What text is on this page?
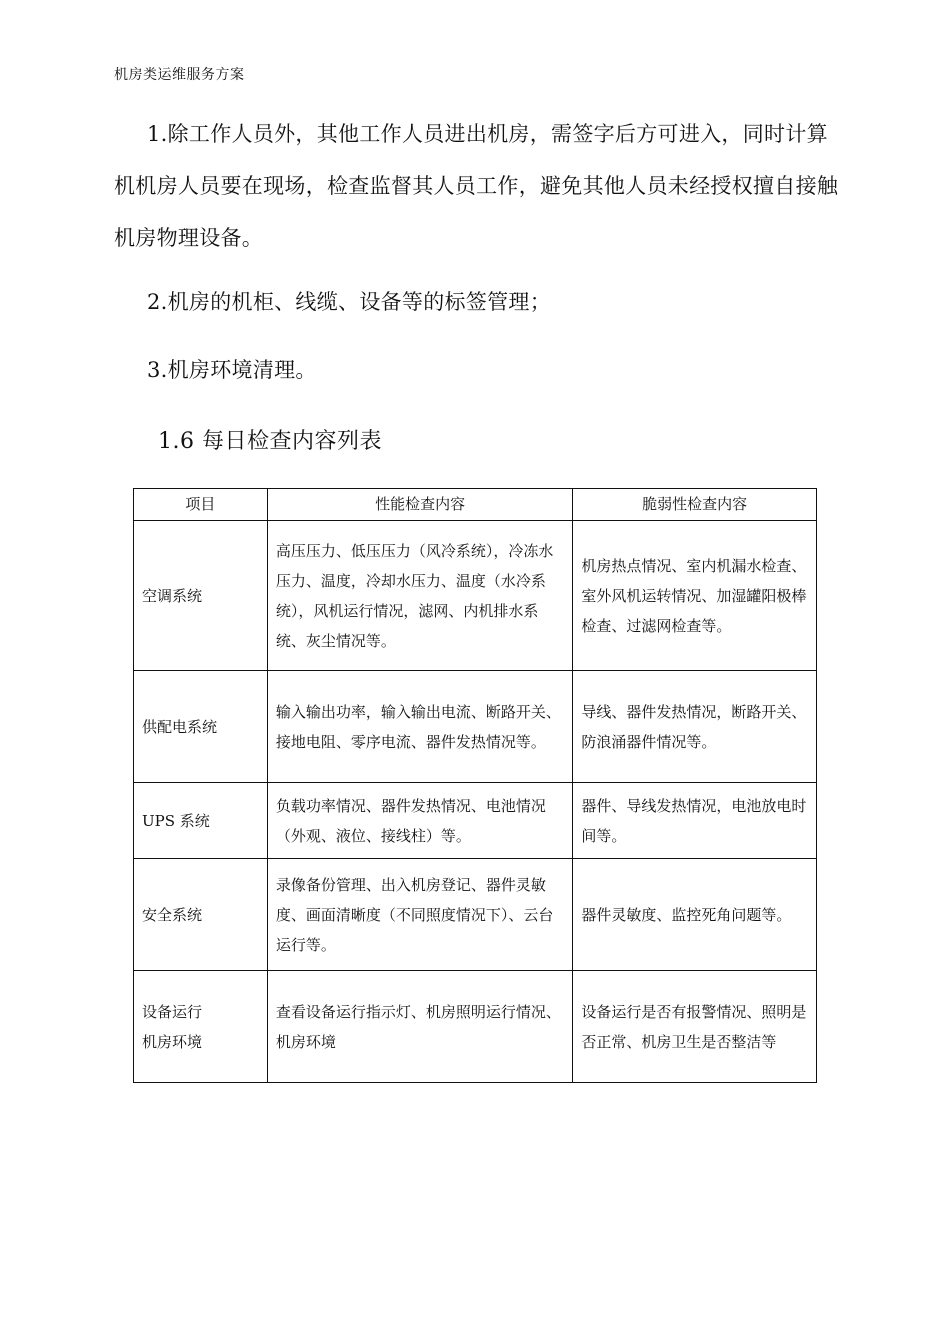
机房类运维服务方案
1.除工作人员外，其他工作人员进出机房，需签字后方可进入，同时计算机机房人员要在现场，检查监督其人员工作，避免其他人员未经授权擅自接触机房物理设备。
2.机房的机柜、线缆、设备等的标签管理；
3.机房环境清理。
1.6 每日检查内容列表
项目	性能检查内容	脆弱性检查内容
空调系统	高压压力、低压压力（风冷系统），冷冻水压力、温度，冷却水压力、温度（水冷系统），风机运行情况，滤网、内机排水系统、灰尘情况等。	机房热点情况、室内机漏水检查、室外风机运转情况、加湿罐阳极棒检查、过滤网检查等。
供配电系统	输入输出功率，输入输出电流、断路开关、接地电阻、零序电流、器件发热情况等。	导线、器件发热情况，断路开关、防浪涌器件情况等。
UPS 系统	负载功率情况、器件发热情况、电池情况（外观、液位、接线柱）等。	器件、导线发热情况，电池放电时间等。
安全系统	录像备份管理、出入机房登记、器件灵敏度、画面清晰度（不同照度情况下）、云台运行等。	器件灵敏度、监控死角问题等。

设备运行
机房环境	查看设备运行指示灯、机房照明运行情况、机房环境	设备运行是否有报警情况、照明是否正常、机房卫生是否整洁等
